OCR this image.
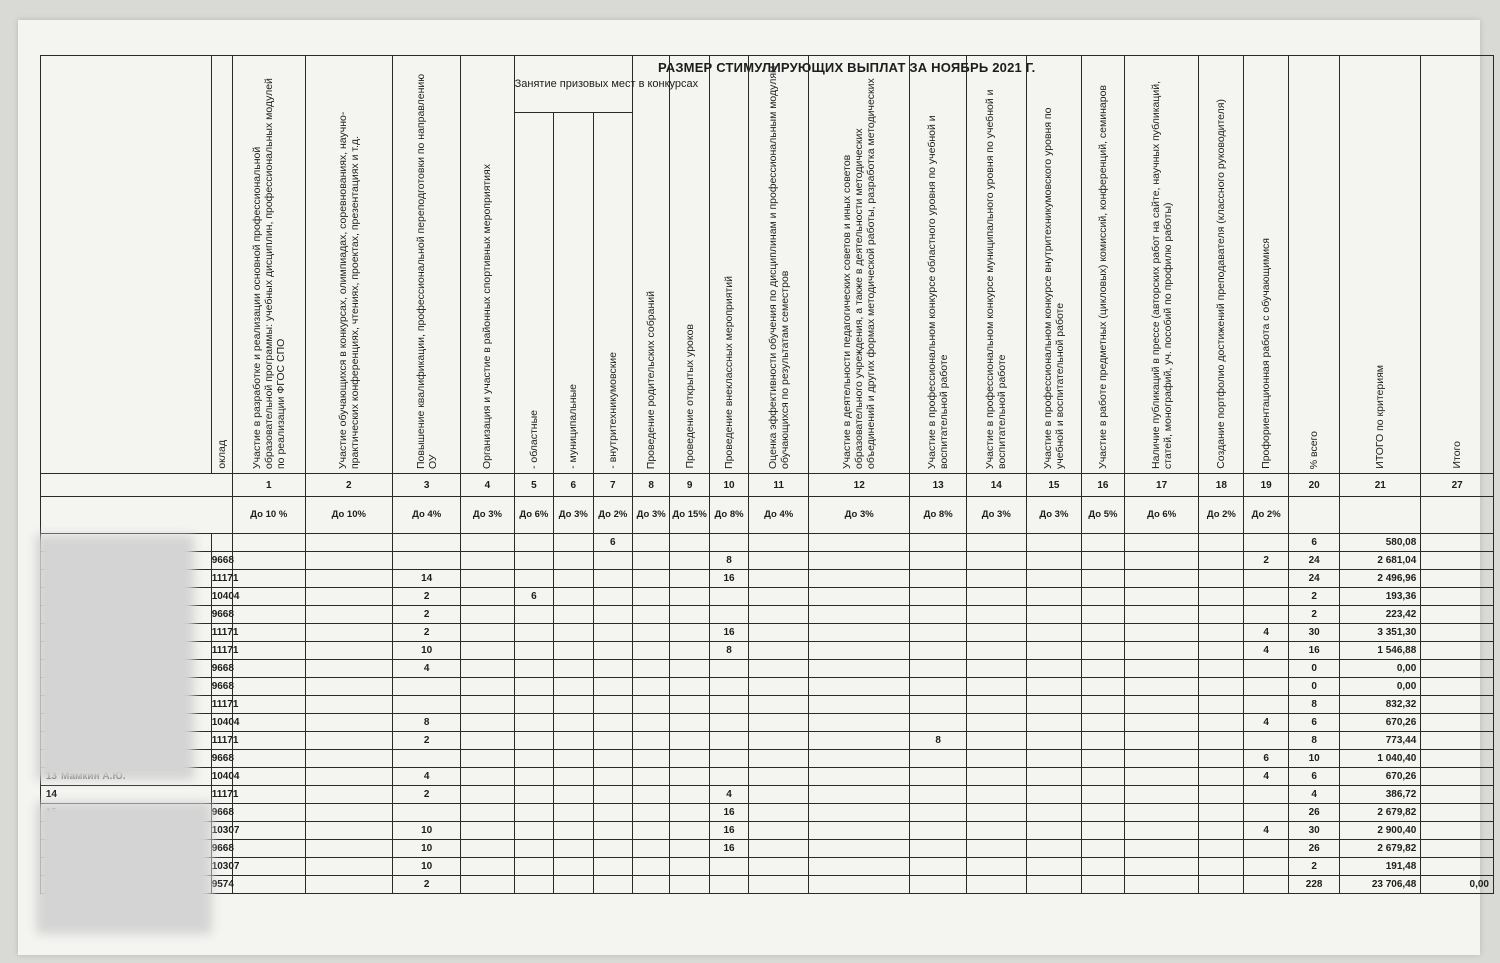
РАЗМЕР СТИМУЛИРУЮЩИХ ВЫПЛАТ ЗА НОЯБРЬ 2021 Г.

	оклад	Участие в разработке и реализации основной профессиональной образовательной программы: учебных дисциплин, профессиональных модулей по реализации ФГОС СПО	Участие обучающихся в конкурсах, олимпиадах, соревнованиях, научно-практических конференциях, чтениях, проектах, презентациях и т.д.	Повышение квалификации, профессиональной переподготовки по направлению ОУ	Организация и участие в районных спортивных мероприятиях	Занятие призовых мест в конкурсах			Проведение родительских собраний	Проведение открытых уроков	Проведение внеклассных мероприятий	Оценка эффективности обучения по дисциплинам и профессиональным модулям обучающихся по результатам семестров	Участие в деятельности педагогических советов и иных советов образовательного учреждения, а также в деятельности методических объединений и других формах методической работы, разработка методических	Участие в профессиональном конкурсе областного уровня по учебной и воспитательной работе	Участие в профессиональном конкурсе муниципального уровня по учебной и воспитательной работе	Участие в профессиональном конкурсе внутритехникумовского уровня по учебной и воспитательной работе	Участие в работе предметных (цикловых) комиссий, конференций, семинаров	Наличие публикаций в прессе (авторских работ на сайте, научных публикаций, статей, монографий, уч. пособий по профилю работы)	Создание портфолио достижений преподавателя (классного руководителя)	Профориентационная работа с обучающимися	% всего	ИТОГО по критериям	Итого

						- областные	- муниципальные	- внутритехникумовские															

		1	2	3	4	5	6	7	8	9	10	11	12	13	14	15	16	17	18	19	20	21	27
		До 10 %	До 10%	До 4%	До 3%	До 6%	До 3%	До 2%	До 3%	До 15%	До 8%	До 4%	До 3%	До 8%	До 3%	До 3%	До 5%	До 6%	До 2%	До 2%			
								6													6	580,08	
	9668										8									2	24	2 681,04	
	11171			14							16										24	2 496,96	
	10404			2		6															2	193,36	
	9668			2																	2	223,42	
	11171			2							16									4	30	3 351,30	
	11171			10							8									4	16	1 546,88	
	9668			4																	0	0,00	
	9668																				0	0,00	
	11171																				8	832,32	
	10404			8																4	6	670,26	
	11171			2										8							8	773,44	
	9668																			6	10	1 040,40	
	10404			4																4	6	670,26	
14	11171			2							4										4	386,72	
	9668										16										26	2 679,82	
	10307			10							16									4	30	2 900,40	
	9668			10							16										26	2 679,82	
	10307			10																	2	191,48	
	9574			2																	228	23 706,48	0,00
